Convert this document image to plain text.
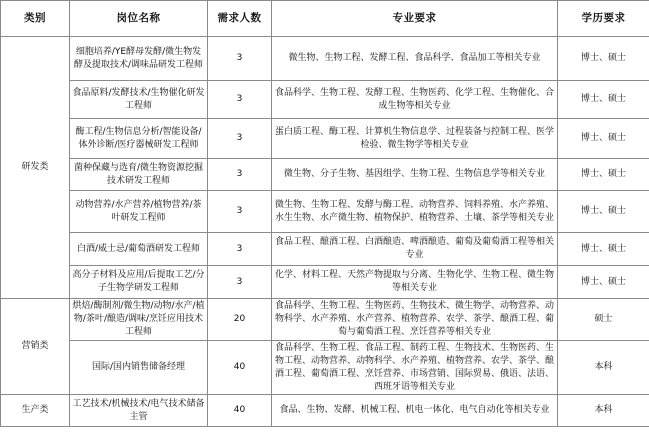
类别	岗位名称	需求人数	专业要求	学历要求
研发类	细胞培养/YE酵母发酵/微生物发酵及提取技术/调味品研发工程师	3	微生物、生物工程、发酵工程、食品科学、食品加工等相关专业	博士、硕士
	食品原料/发酵技术/生物催化研发工程师	3	食品科学、生物工程、发酵工程、生物医药、化学工程、生物催化、合成生物等相关专业	博士、硕士
	酶工程/生物信息分析/智能设备/体外诊断/医疗器械研发工程师	3	蛋白质工程、酶工程、计算机生物信息学、过程装备与控制工程、医学检验、微生物学等相关专业	博士、硕士
	菌种保藏与选育/微生物资源挖掘技术研发工程师	3	微生物、分子生物、基因组学、生物工程、生物信息学等相关专业	博士、硕士
	动物营养/水产营养/植物营养/茶叶研发工程师	3	微生物、生物工程、发酵与酶工程、动物营养、饲料养殖、水产养殖、水生生物、水产微生物、植物保护、植物营养、土壤、茶学等相关专业	博士、硕士
	白酒/威士忌/葡萄酒研发工程师	3	食品工程、酿酒工程、白酒酿造、啤酒酿造、葡萄及葡萄酒工程等相关专业	博士、硕士
	高分子材料及应用/后提取工艺/分子生物学研发工程师	3	化学、材料工程、天然产物提取与分离、生物化学、生物工程、微生物等相关专业	博士、硕士
营销类	烘焙/酶制剂/微生物/动物/水产/植物/茶叶/酿造/调味/烹饪应用技术工程师	20	食品科学、生物工程、生物医药、生物技术、微生物学、动物营养、动物科学、水产养殖、水产营养、植物营养、农学、茶学、酿酒工程、葡萄与葡萄酒工程、烹饪营养等相关专业	硕士
	国际/国内销售储备经理	40	食品科学、生物工程、食品工程、制药工程、生物技术、生物医药、生物工程、动物营养、动物科学、水产养殖、植物营养、农学、茶学、酿酒工程、葡萄酒工程、烹饪营养、市场营销、国际贸易、俄语、法语、西班牙语等相关专业	本科
生产类	工艺技术/机械技术/电气技术储备主管	40	食品、生物、发酵、机械工程、机电一体化、电气自动化等相关专业	本科
